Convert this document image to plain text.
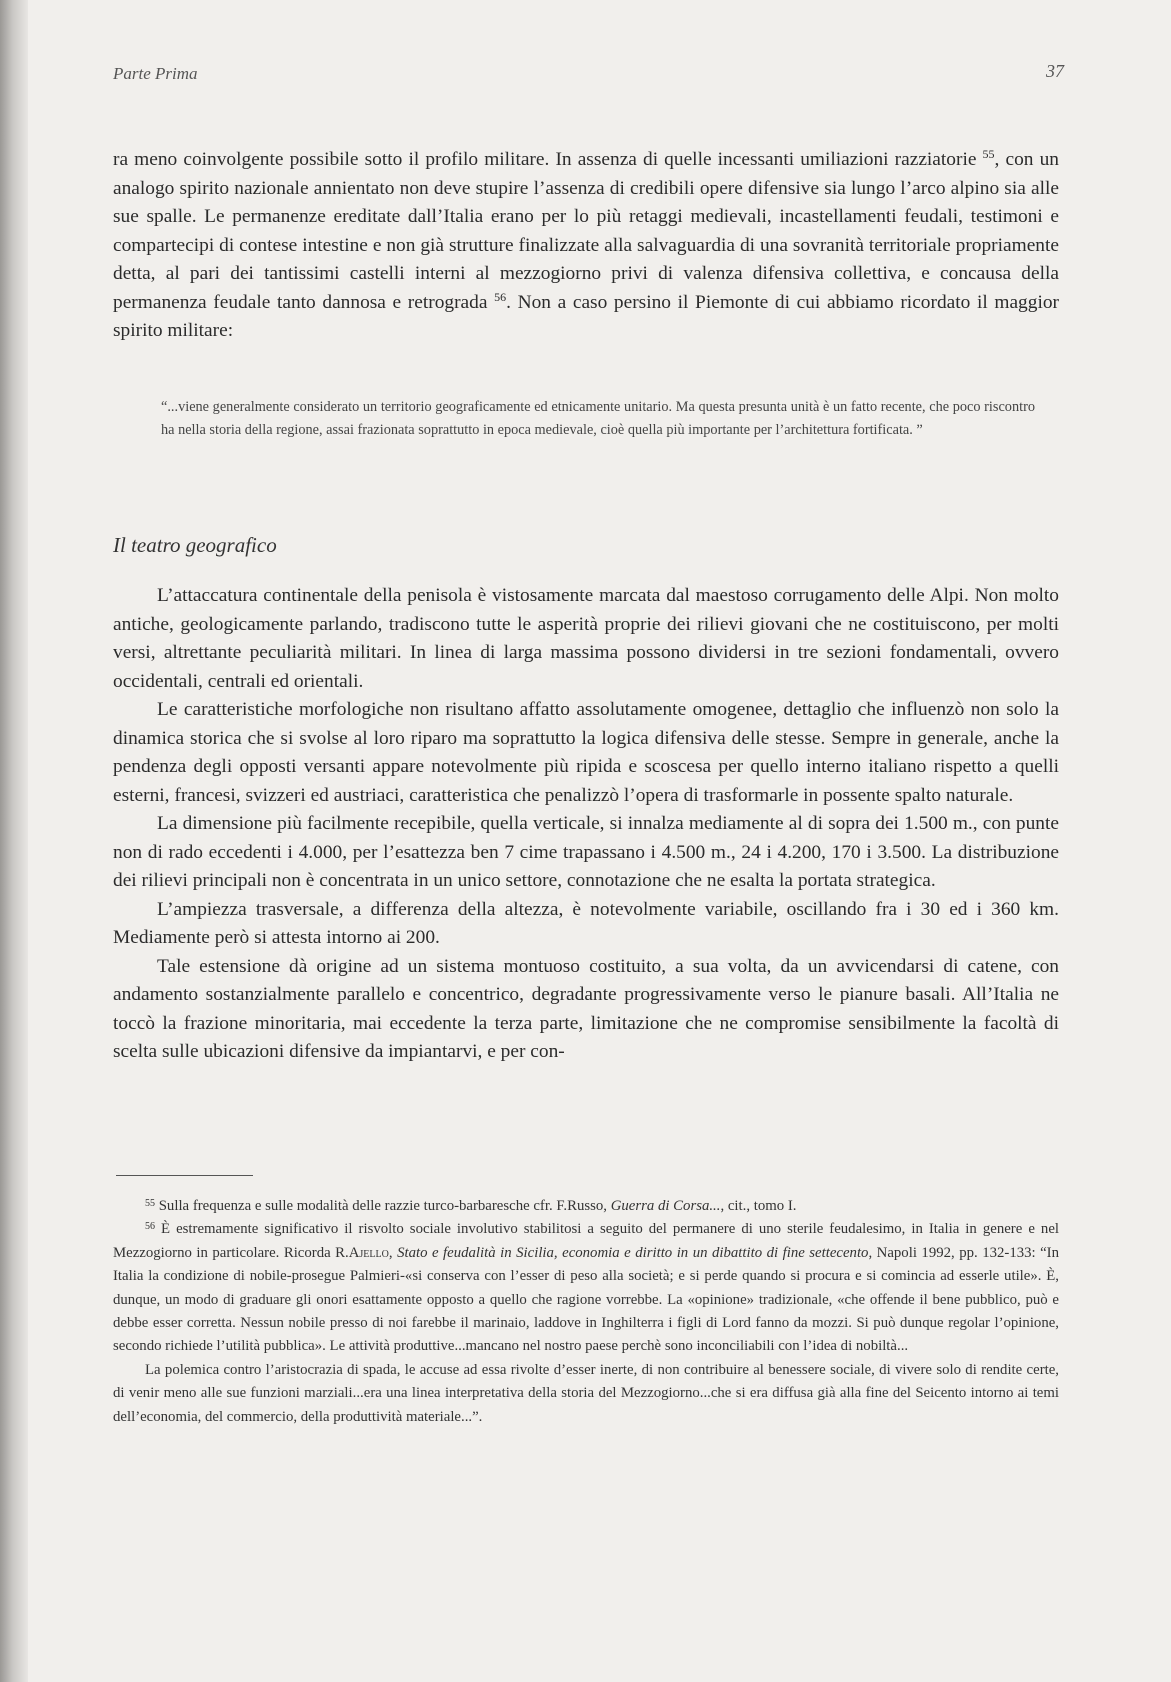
Parte Prima	37

ra meno coinvolgente possibile sotto il profilo militare. In assenza di quelle incessanti umiliazioni razziatorie $^{55}$, con un analogo spirito nazionale annientato non deve stupire l’assenza di credibili opere difensive sia lungo l’arco alpino sia alle sue spalle. Le permanenze ereditate dall’Italia erano per lo più retaggi medievali, incastellamenti feudali, testimoni e compartecipi di contese intestine e non già strutture finalizzate alla salvaguardia di una sovranità territoriale propriamente detta, al pari dei tantissimi castelli interni al mezzogiorno privi di valenza difensiva collettiva, e concausa della permanenza feudale tanto dannosa e retrograda $^{56}$. Non a caso persino il Piemonte di cui abbiamo ricordato il maggior spirito militare:

“...viene generalmente considerato un territorio geograficamente ed etnicamente unitario. Ma questa presunta unità è un fatto recente, che poco riscontro ha nella storia della regione, assai frazionata soprattutto in epoca medievale, cioè quella più importante per l’architettura fortificata. ”
Il teatro geografico

L’attaccatura continentale della penisola è vistosamente marcata dal maestoso corrugamento delle Alpi. Non molto antiche, geologicamente parlando, tradiscono tutte le asperità proprie dei rilievi giovani che ne costituiscono, per molti versi, altrettante peculiarità militari. In linea di larga massima possono dividersi in tre sezioni fondamentali, ovvero occidentali, centrali ed orientali.

Le caratteristiche morfologiche non risultano affatto assolutamente omogenee, dettaglio che influenzò non solo la dinamica storica che si svolse al loro riparo ma soprattutto la logica difensiva delle stesse. Sempre in generale, anche la pendenza degli opposti versanti appare notevolmente più ripida e scoscesa per quello interno italiano rispetto a quelli esterni, francesi, svizzeri ed austriaci, caratteristica che penalizzò l’opera di trasformarle in possente spalto naturale.

La dimensione più facilmente recepibile, quella verticale, si innalza mediamente al di sopra dei 1.500 m., con punte non di rado eccedenti i 4.000, per l’esattezza ben 7 cime trapassano i 4.500 m., 24 i 4.200, 170 i 3.500. La distribuzione dei rilievi principali non è concentrata in un unico settore, connotazione che ne esalta la portata strategica.

L’ampiezza trasversale, a differenza della altezza, è notevolmente variabile, oscillando fra i 30 ed i 360 km. Mediamente però si attesta intorno ai 200.

Tale estensione dà origine ad un sistema montuoso costituito, a sua volta, da un avvicendarsi di catene, con andamento sostanzialmente parallelo e concentrico, degradante progressivamente verso le pianure basali. All’Italia ne toccò la frazione minoritaria, mai eccedente la terza parte, limitazione che ne compromise sensibilmente la facoltà di scelta sulle ubicazioni difensive da impiantarvi, e per con-

$^{55}$ Sulla frequenza e sulle modalità delle razzie turco-barbaresche cfr. F.Russo, Guerra di Corsa..., cit., tomo I.

$^{56}$ È estremamente significativo il risvolto sociale involutivo stabilitosi a seguito del permanere di uno sterile feudalesimo, in Italia in genere e nel Mezzogiorno in particolare. Ricorda R.Ajello, Stato e feudalità in Sicilia, economia e diritto in un dibattito di fine settecento, Napoli 1992, pp. 132-133: “In Italia la condizione di nobile-prosegue Palmieri-«si conserva con l’esser di peso alla società; e si perde quando si procura e si comincia ad esserle utile». È, dunque, un modo di graduare gli onori esattamente opposto a quello che ragione vorrebbe. La «opinione» tradizionale, «che offende il bene pubblico, può e debbe esser corretta. Nessun nobile presso di noi farebbe il marinaio, laddove in Inghilterra i figli di Lord fanno da mozzi. Si può dunque regolar l’opinione, secondo richiede l’utilità pubblica». Le attività produttive...mancano nel nostro paese perchè sono inconciliabili con l’idea di nobiltà...

La polemica contro l’aristocrazia di spada, le accuse ad essa rivolte d’esser inerte, di non contribuire al benessere sociale, di vivere solo di rendite certe, di venir meno alle sue funzioni marziali...era una linea interpretativa della storia del Mezzogiorno...che si era diffusa già alla fine del Seicento intorno ai temi dell’economia, del commercio, della produttività materiale...”.
